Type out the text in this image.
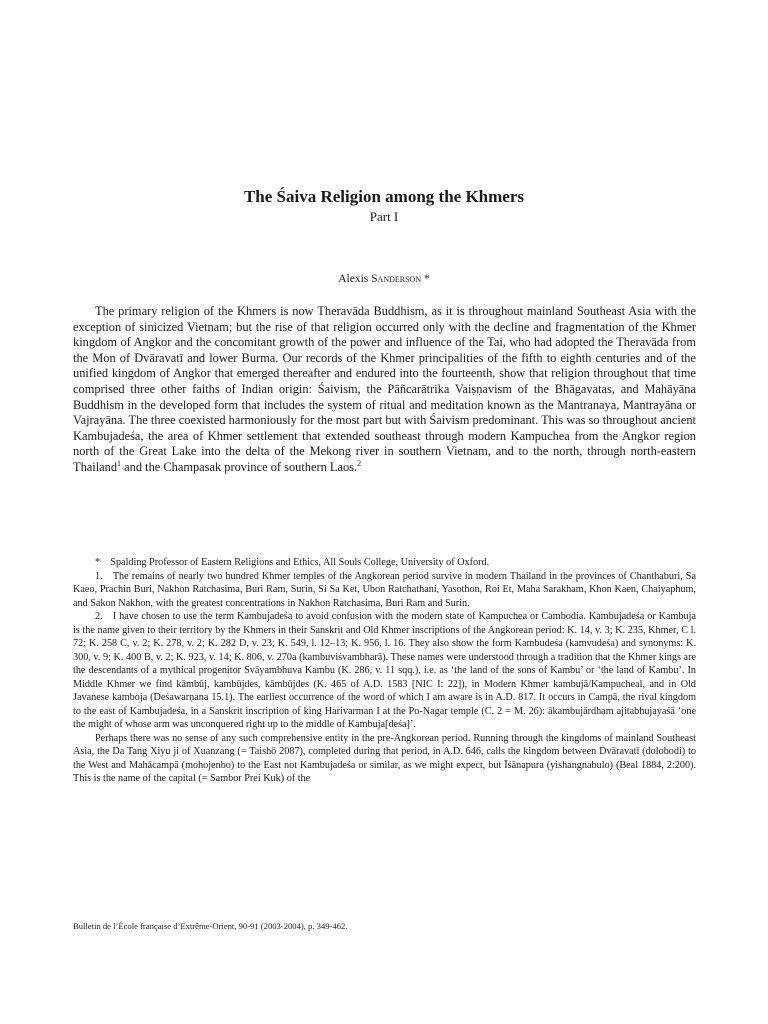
The Śaiva Religion among the Khmers
Part I

Alexis Sanderson *

The primary religion of the Khmers is now Theravāda Buddhism, as it is throughout mainland Southeast Asia with the exception of sinicized Vietnam; but the rise of that religion occurred only with the decline and fragmentation of the Khmer kingdom of Angkor and the concomitant growth of the power and influence of the Tai, who had adopted the Theravāda from the Mon of Dvāravatī and lower Burma. Our records of the Khmer principalities of the fifth to eighth centuries and of the unified kingdom of Angkor that emerged thereafter and endured into the fourteenth, show that religion throughout that time comprised three other faiths of Indian origin: Śaivism, the Pāñcarātrika Vaiṣṇavism of the Bhāgavatas, and Mahāyāna Buddhism in the developed form that includes the system of ritual and meditation known as the Mantranaya, Mantrayāna or Vajrayāna. The three coexisted harmoniously for the most part but with Śaivism predominant. This was so throughout ancient Kambujadeśa, the area of Khmer settlement that extended southeast through modern Kampuchea from the Angkor region north of the Great Lake into the delta of the Mekong river in southern Vietnam, and to the north, through north-eastern Thailand$^1$ and the Champasak province of southern Laos.$^2$

* Spalding Professor of Eastern Religions and Ethics, All Souls College, University of Oxford.

1. The remains of nearly two hundred Khmer temples of the Angkorean period survive in modern Thailand in the provinces of Chanthaburi, Sa Kaeo, Prachin Buri, Nakhon Ratchasima, Buri Ram, Surin, Si Sa Ket, Ubon Ratchathani, Yasothon, Roi Et, Maha Sarakham, Khon Kaen, Chaiyaphum, and Sakon Nakhon, with the greatest concentrations in Nakhon Ratchasima, Buri Ram and Surin.

2. I have chosen to use the term Kambujadeśa to avoid confusion with the modern state of Kampuchea or Cambodia. Kambujadeśa or Kambuja is the name given to their territory by the Khmers in their Sanskrit and Old Khmer inscriptions of the Angkorean period: K. 14, v. 3; K. 235, Khmer, C l. 72; K. 258 C, v. 2; K. 278, v. 2; K. 282 D, v. 23; K. 549, l. 12–13; K. 956, l. 16. They also show the form Kambudeśa (kamvudeśa) and synonyms: K. 300, v. 9; K. 400 B, v. 2; K. 923, v. 14; K. 806, v. 270a (kambuviśvambharā). These names were understood through a tradition that the Khmer kings are the descendants of a mythical progenitor Svāyambhuva Kambu (K. 286, v. 11 sqq.), i.e. as ‘the land of the sons of Kambu’ or ‘the land of Kambu’. In Middle Khmer we find kāmbūj, kambūjdes, kāmbūjdes (K. 465 of A.D. 1583 [NIC I: 22]), in Modern Khmer kambujā/Kampucheal, and in Old Javanese kamboja (Deśawarṇana 15.1). The earliest occurrence of the word of which I am aware is in A.D. 817. It occurs in Campā, the rival kingdom to the east of Kambujadeśa, in a Sanskrit inscription of king Harivarman I at the Po-Nagar temple (C. 2 = M. 26): ākambujārdham ajitabhujayaśā ‘one the might of whose arm was unconquered right up to the middle of Kambuja[deśa]’.

Perhaps there was no sense of any such comprehensive entity in the pre-Angkorean period. Running through the kingdoms of mainland Southeast Asia, the Da Tang Xiyu ji of Xuanzang (= Taishō 2087), completed during that period, in A.D. 646, calls the kingdom between Dvāravatī (dolobodi) to the West and Mahācampā (mohojenbo) to the East not Kambujadeśa or similar, as we might expect, but Īśānapura (yishangnabulo) (Beal 1884, 2:200). This is the name of the capital (= Sambor Prei Kuk) of the

Bulletin de l’École française d’Extrême-Orient, 90-91 (2003-2004), p. 349-462.
